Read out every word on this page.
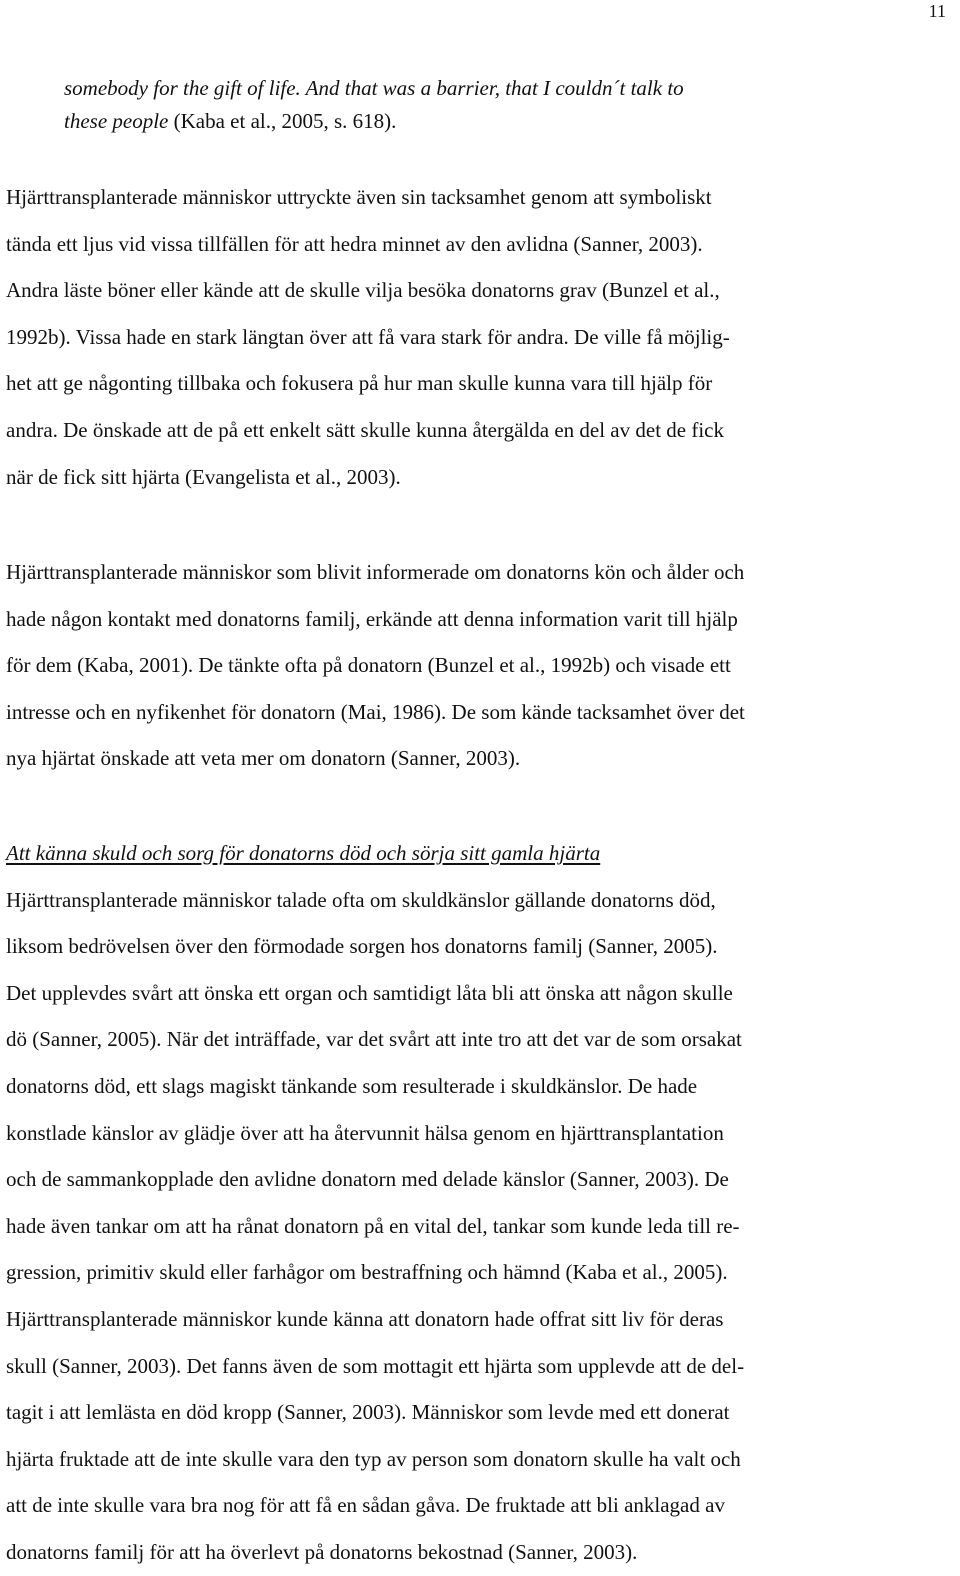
11
somebody for the gift of life. And that was a barrier, that I couldn´t talk to
these people (Kaba et al., 2005, s. 618).
Hjärttransplanterade människor uttryckte även sin tacksamhet genom att symboliskt
tända ett ljus vid vissa tillfällen för att hedra minnet av den avlidna (Sanner, 2003).
Andra läste böner eller kände att de skulle vilja besöka donatorns grav (Bunzel et al.,
1992b). Vissa hade en stark längtan över att få vara stark för andra. De ville få möjlig-
het att ge någonting tillbaka och fokusera på hur man skulle kunna vara till hjälp för
andra. De önskade att de på ett enkelt sätt skulle kunna återgälda en del av det de fick
när de fick sitt hjärta (Evangelista et al., 2003).
Hjärttransplanterade människor som blivit informerade om donatorns kön och ålder och
hade någon kontakt med donatorns familj, erkände att denna information varit till hjälp
för dem (Kaba, 2001). De tänkte ofta på donatorn (Bunzel et al., 1992b) och visade ett
intresse och en nyfikenhet för donatorn (Mai, 1986). De som kände tacksamhet över det
nya hjärtat önskade att veta mer om donatorn (Sanner, 2003).
Att känna skuld och sorg för donatorns död och sörja sitt gamla hjärta
Hjärttransplanterade människor talade ofta om skuldkänslor gällande donatorns död,
liksom bedrövelsen över den förmodade sorgen hos donatorns familj (Sanner, 2005).
Det upplevdes svårt att önska ett organ och samtidigt låta bli att önska att någon skulle
dö (Sanner, 2005). När det inträffade, var det svårt att inte tro att det var de som orsakat
donatorns död, ett slags magiskt tänkande som resulterade i skuldkänslor. De hade
konstlade känslor av glädje över att ha återvunnit hälsa genom en hjärttransplantation
och de sammankopplade den avlidne donatorn med delade känslor (Sanner, 2003). De
hade även tankar om att ha rånat donatorn på en vital del, tankar som kunde leda till re-
gression, primitiv skuld eller farhågor om bestraffning och hämnd (Kaba et al., 2005).
Hjärttransplanterade människor kunde känna att donatorn hade offrat sitt liv för deras
skull (Sanner, 2003). Det fanns även de som mottagit ett hjärta som upplevde att de del-
tagit i att lemlästa en död kropp (Sanner, 2003). Människor som levde med ett donerat
hjärta fruktade att de inte skulle vara den typ av person som donatorn skulle ha valt och
att de inte skulle vara bra nog för att få en sådan gåva. De fruktade att bli anklagad av
donatorns familj för att ha överlevt på donatorns bekostnad (Sanner, 2003).
